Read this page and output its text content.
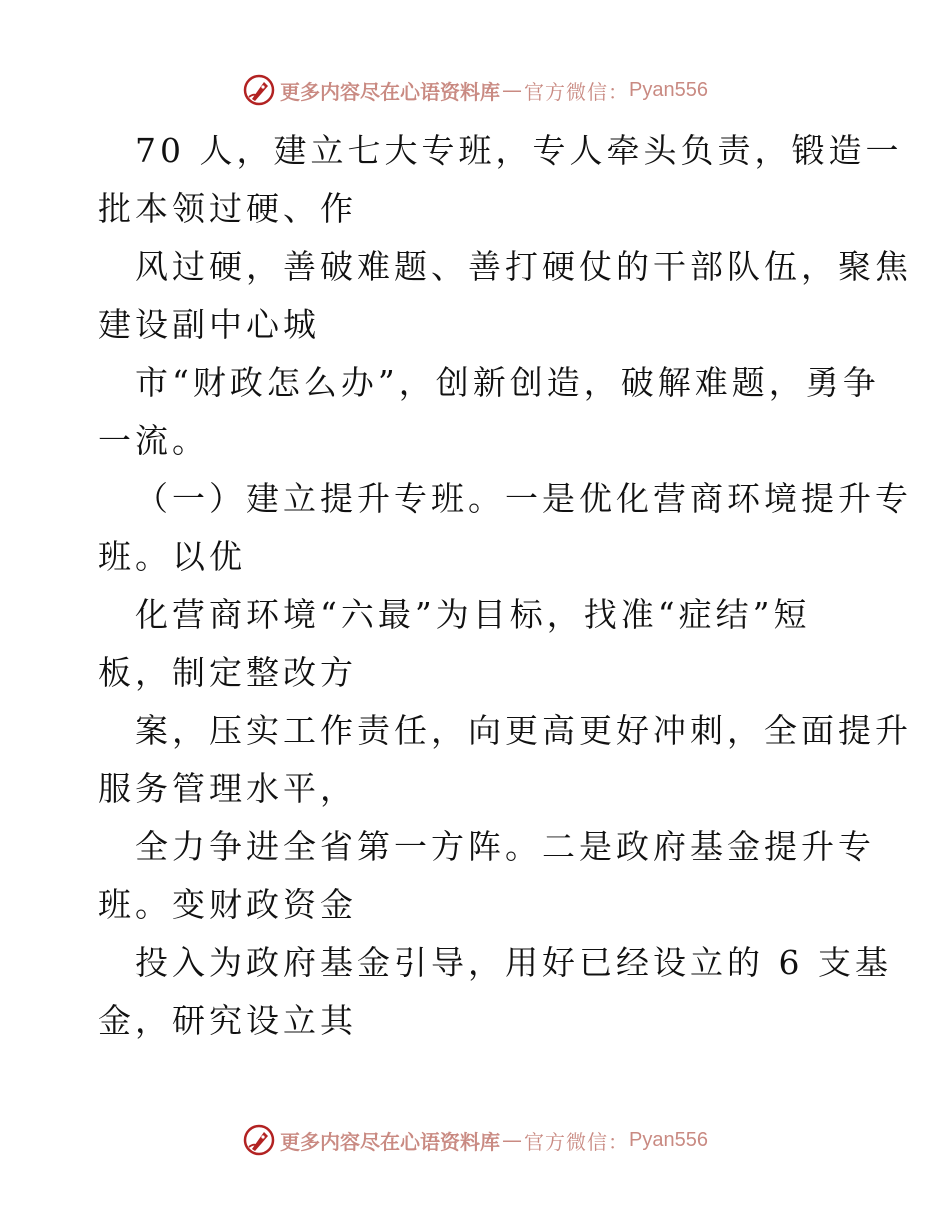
更多内容尽在心语资料库 — 官方微信： Pyan556
70 人，建立七大专班，专人牵头负责，锻造一
批本领过硬、作
风过硬，善破难题、善打硬仗的干部队伍，聚焦
建设副中心城
市“财政怎么办”，创新创造，破解难题，勇争
一流。
（一）建立提升专班。一是优化营商环境提升专
班。以优
化营商环境“六最”为目标，找准“症结”短
板，制定整改方
案，压实工作责任，向更高更好冲刺，全面提升
服务管理水平，
全力争进全省第一方阵。二是政府基金提升专
班。变财政资金
投入为政府基金引导，用好已经设立的 6 支基
金，研究设立其
更多内容尽在心语资料库 — 官方微信： Pyan556
